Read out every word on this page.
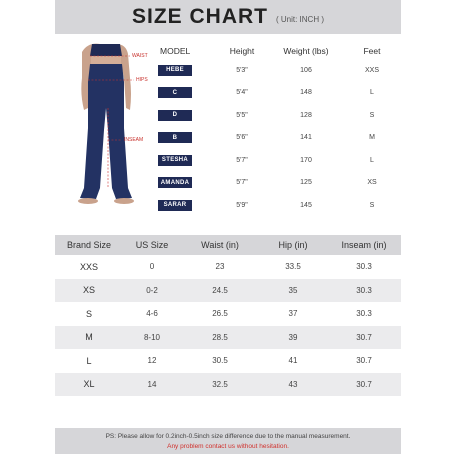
SIZE CHART ( Unit: INCH )
WAIST
HIPS
INSEAM
MODEL	Height	Weight (lbs)	Feet
HEBE	5'3"	106	XXS
C	5'4"	148	L
D	5'5"	128	S
B	5'6"	141	M
STESHA	5'7"	170	L
AMANDA	5'7"	125	XS
SARAR	5'9"	145	S
Brand Size	US Size	Waist (in)	Hip (in)	Inseam (in)
XXS	0	23	33.5	30.3
XS	0-2	24.5	35	30.3
S	4-6	26.5	37	30.3
M	8-10	28.5	39	30.7
L	12	30.5	41	30.7
XL	14	32.5	43	30.7
PS: Please allow for 0.2inch-0.5inch size difference due to the manual measurement.
Any problem contact us without hesitation.
